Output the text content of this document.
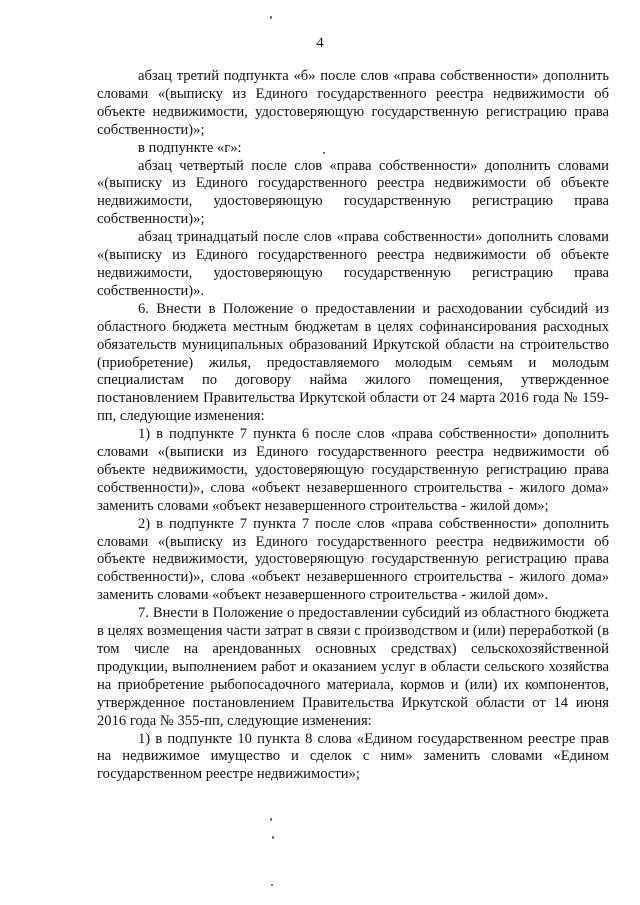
4

абзац третий подпункта «б» после слов «права собственности» дополнить словами «(выписку из Единого государственного реестра недвижимости об объекте недвижимости, удостоверяющую государственную регистрацию права собственности)»;

в подпункте «г»:

абзац четвертый после слов «права собственности» дополнить словами «(выписку из Единого государственного реестра недвижимости об объекте недвижимости, удостоверяющую государственную регистрацию права собственности)»;

абзац тринадцатый после слов «права собственности» дополнить словами «(выписку из Единого государственного реестра недвижимости об объекте недвижимости, удостоверяющую государственную регистрацию права собственности)».

6. Внести в Положение о предоставлении и расходовании субсидий из областного бюджета местным бюджетам в целях софинансирования расходных обязательств муниципальных образований Иркутской области на строительство (приобретение) жилья, предоставляемого молодым семьям и молодым специалистам по договору найма жилого помещения, утвержденное постановлением Правительства Иркутской области от 24 марта 2016 года № 159-пп, следующие изменения:

1) в подпункте 7 пункта 6 после слов «права собственности» дополнить словами «(выписки из Единого государственного реестра недвижимости об объекте недвижимости, удостоверяющую государственную регистрацию права собственности)», слова «объект незавершенного строительства - жилого дома» заменить словами «объект незавершенного строительства - жилой дом»;

2) в подпункте 7 пункта 7 после слов «права собственности» дополнить словами «(выписку из Единого государственного реестра недвижимости об объекте недвижимости, удостоверяющую государственную регистрацию права собственности)», слова «объект незавершенного строительства - жилого дома» заменить словами «объект незавершенного строительства - жилой дом».

7. Внести в Положение о предоставлении субсидий из областного бюджета в целях возмещения части затрат в связи с производством и (или) переработкой (в том числе на арендованных основных средствах) сельскохозяйственной продукции, выполнением работ и оказанием услуг в области сельского хозяйства на приобретение рыбопосадочного материала, кормов и (или) их компонентов, утвержденное постановлением Правительства Иркутской области от 14 июня 2016 года № 355-пп, следующие изменения:

1) в подпункте 10 пункта 8 слова «Едином государственном реестре прав на недвижимое имущество и сделок с ним» заменить словами «Едином государственном реестре недвижимости»;
